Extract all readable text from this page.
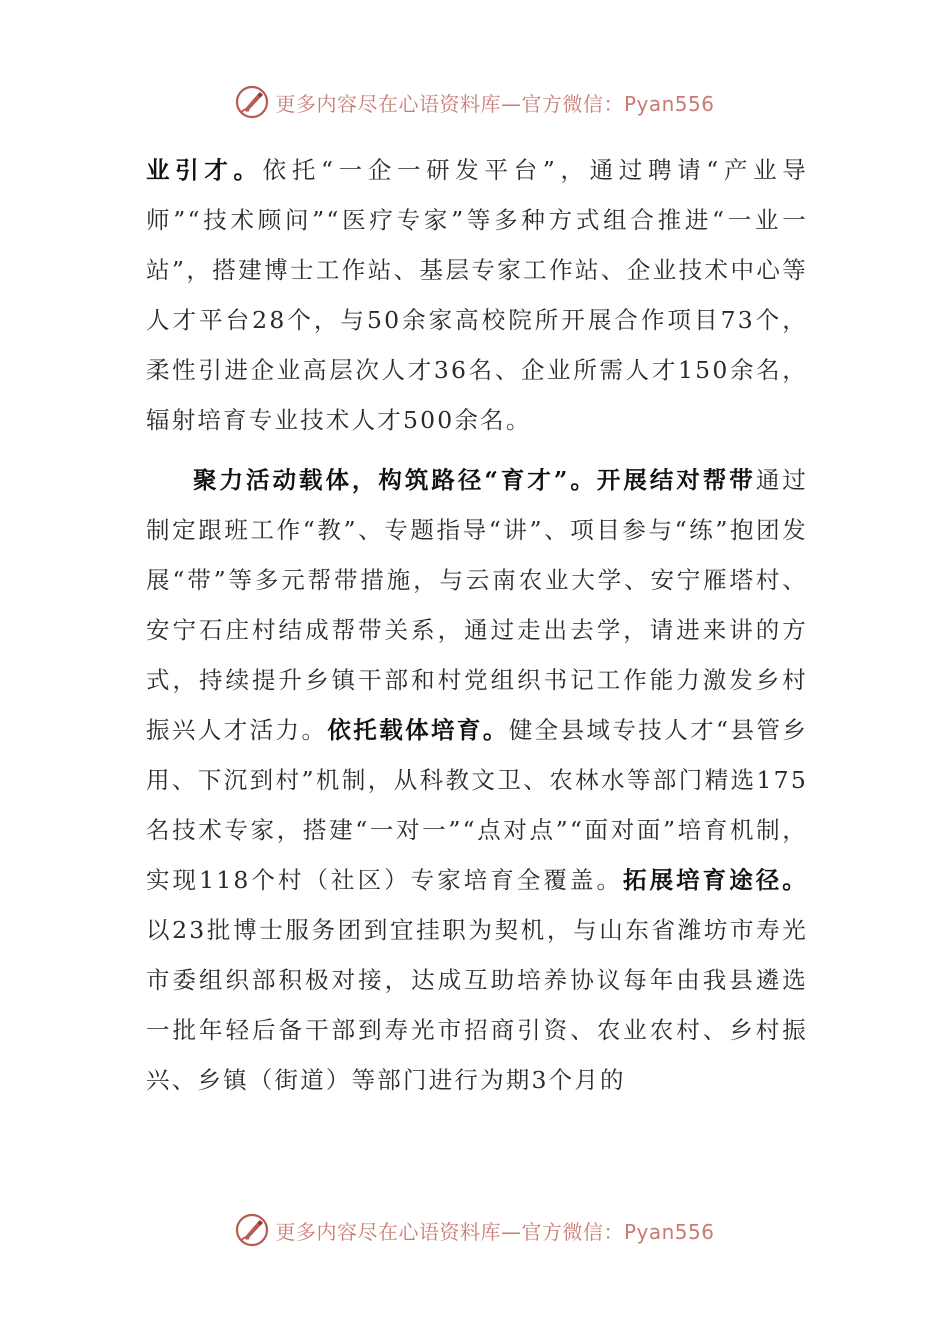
更多内容尽在心语资料库—官方微信：Pyan556

业引才。依托“一企一研发平台”，通过聘请“产业导师”“技术顾问”“医疗专家”等多种方式组合推进“一业一站”，搭建博士工作站、基层专家工作站、企业技术中心等人才平台28个，与50余家高校院所开展合作项目73个，柔性引进企业高层次人才36名、企业所需人才150余名，辐射培育专业技术人才500余名。

聚力活动载体，构筑路径“育才”。开展结对帮带通过制定跟班工作“教”、专题指导“讲”、项目参与“练”抱团发展“带”等多元帮带措施，与云南农业大学、安宁雁塔村、安宁石庄村结成帮带关系，通过走出去学，请进来讲的方式，持续提升乡镇干部和村党组织书记工作能力激发乡村振兴人才活力。依托载体培育。健全县域专技人才“县管乡用、下沉到村”机制，从科教文卫、农林水等部门精选175名技术专家，搭建“一对一”“点对点”“面对面”培育机制，实现118个村（社区）专家培育全覆盖。拓展培育途径。以23批博士服务团到宜挂职为契机，与山东省潍坊市寿光市委组织部积极对接，达成互助培养协议每年由我县遴选一批年轻后备干部到寿光市招商引资、农业农村、乡村振兴、乡镇（街道）等部门进行为期3个月的

更多内容尽在心语资料库—官方微信：Pyan556
